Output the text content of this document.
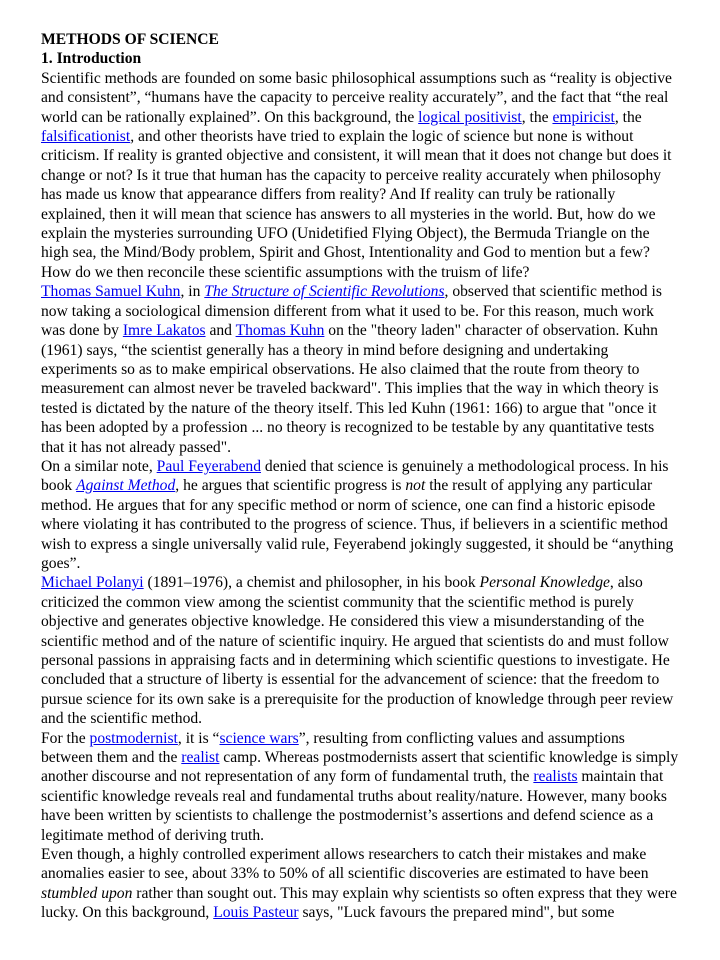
METHODS OF SCIENCE
1. Introduction

Scientific methods are founded on some basic philosophical assumptions such as “reality is objective and consistent”, “humans have the capacity to perceive reality accurately”, and the fact that “the real world can be rationally explained”. On this background, the logical positivist, the empiricist, the falsificationist, and other theorists have tried to explain the logic of science but none is without criticism. If reality is granted objective and consistent, it will mean that it does not change but does it change or not? Is it true that human has the capacity to perceive reality accurately when philosophy has made us know that appearance differs from reality? And If reality can truly be rationally explained, then it will mean that science has answers to all mysteries in the world. But, how do we explain the mysteries surrounding UFO (Unidetified Flying Object), the Bermuda Triangle on the high sea, the Mind/Body problem, Spirit and Ghost, Intentionality and God to mention but a few? How do we then reconcile these scientific assumptions with the truism of life?

Thomas Samuel Kuhn, in The Structure of Scientific Revolutions, observed that scientific method is now taking a sociological dimension different from what it used to be. For this reason, much work was done by Imre Lakatos and Thomas Kuhn on the "theory laden" character of observation. Kuhn (1961) says, “the scientist generally has a theory in mind before designing and undertaking experiments so as to make empirical observations. He also claimed that the route from theory to measurement can almost never be traveled backward". This implies that the way in which theory is tested is dictated by the nature of the theory itself. This led Kuhn (1961: 166) to argue that "once it has been adopted by a profession ... no theory is recognized to be testable by any quantitative tests that it has not already passed".

On a similar note, Paul Feyerabend denied that science is genuinely a methodological process. In his book Against Method, he argues that scientific progress is not the result of applying any particular method. He argues that for any specific method or norm of science, one can find a historic episode where violating it has contributed to the progress of science. Thus, if believers in a scientific method wish to express a single universally valid rule, Feyerabend jokingly suggested, it should be “anything goes”.

Michael Polanyi (1891–1976), a chemist and philosopher, in his book Personal Knowledge, also criticized the common view among the scientist community that the scientific method is purely objective and generates objective knowledge. He considered this view a misunderstanding of the scientific method and of the nature of scientific inquiry. He argued that scientists do and must follow personal passions in appraising facts and in determining which scientific questions to investigate. He concluded that a structure of liberty is essential for the advancement of science: that the freedom to pursue science for its own sake is a prerequisite for the production of knowledge through peer review and the scientific method.

For the postmodernist, it is “science wars”, resulting from conflicting values and assumptions between them and the realist camp. Whereas postmodernists assert that scientific knowledge is simply another discourse and not representation of any form of fundamental truth, the realists maintain that scientific knowledge reveals real and fundamental truths about reality/nature. However, many books have been written by scientists to challenge the postmodernist’s assertions and defend science as a legitimate method of deriving truth.

Even though, a highly controlled experiment allows researchers to catch their mistakes and make anomalies easier to see, about 33% to 50% of all scientific discoveries are estimated to have been stumbled upon rather than sought out. This may explain why scientists so often express that they were lucky. On this background, Louis Pasteur says, "Luck favours the prepared mind", but some
